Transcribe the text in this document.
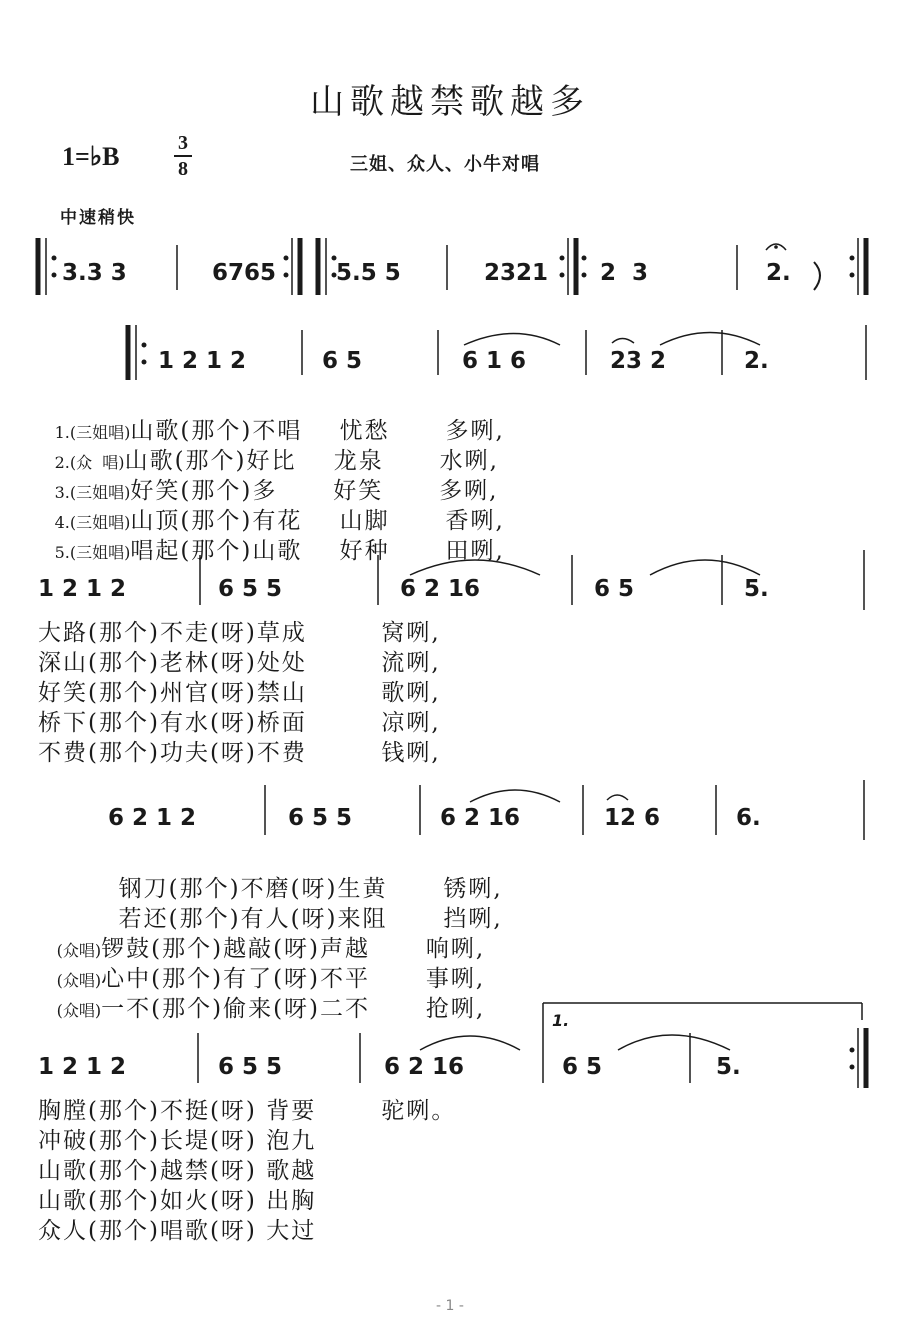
山歌越禁歌越多
1=♭B	3
8	三姐、众人、小牛对唱
中速稍快
3.3 3	6765	5.5 5	2321 2  3	2.
1 2 1 2	6 5	6 1 6	23 2	2.
1 2 1 2	6 5 5	6 2 16	6 5	5.
6 2 1 2	6 5 5	6 2 16	12 6	6.
1.
1 2 1 2	6 5 5	6 2 16	6 5	5.

1.(三姐唱)山歌(那个)不唱    忧愁      多咧,

2.(众  唱)山歌(那个)好比    龙泉      水咧,

3.(三姐唱)好笑(那个)多      好笑      多咧,

4.(三姐唱)山顶(那个)有花    山脚      香咧,

5.(三姐唱)唱起(那个)山歌    好种      田咧,

大路(那个)不走(呀)草成        窝咧,
深山(那个)老林(呀)处处        流咧,
好笑(那个)州官(呀)禁山        歌咧,
桥下(那个)有水(呀)桥面        凉咧,
不费(那个)功夫(呀)不费        钱咧,

钢刀(那个)不磨(呀)生黄      锈咧,

若还(那个)有人(呀)来阻      挡咧,

(众唱)锣鼓(那个)越敲(呀)声越      响咧,

(众唱)心中(那个)有了(呀)不平      事咧,

(众唱)一不(那个)偷来(呀)二不      抢咧,

胸膛(那个)不挺(呀) 背要       驼咧。
冲破(那个)长堤(呀) 泡九
山歌(那个)越禁(呀) 歌越
山歌(那个)如火(呀) 出胸
众人(那个)唱歌(呀) 大过
- 1 -
